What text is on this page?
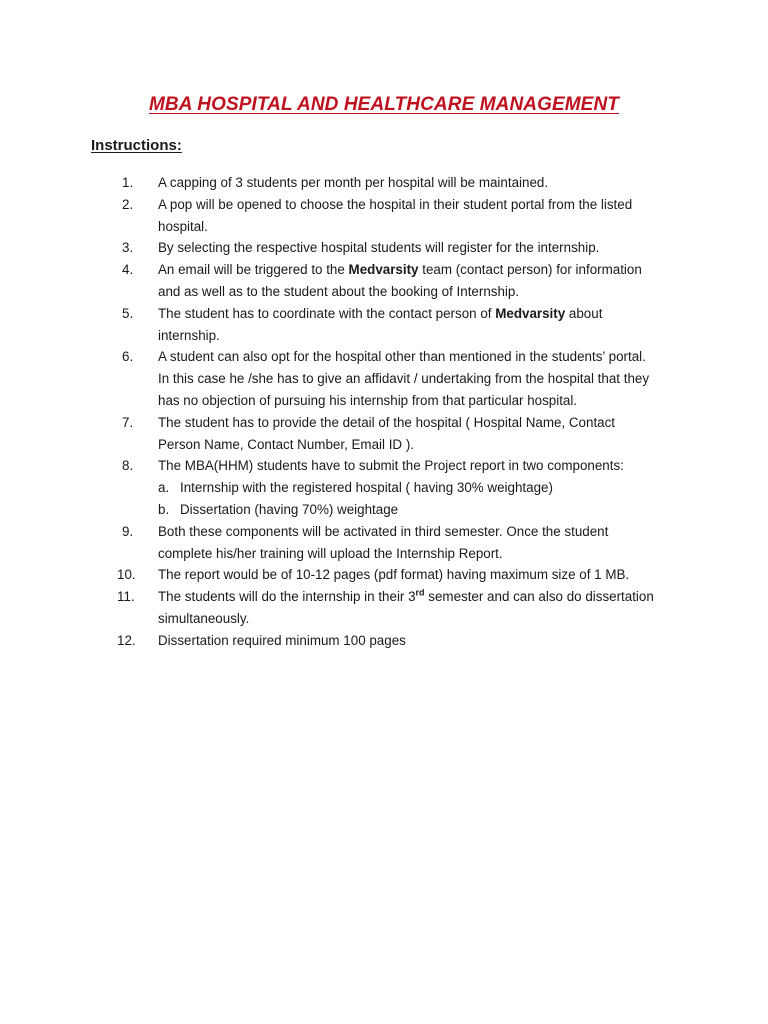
MBA HOSPITAL AND HEALTHCARE MANAGEMENT
Instructions:
1.	A capping of 3 students per month per hospital will be maintained.
2.	A pop will be opened to choose the hospital in their student portal from the listed
hospital.
3.	By selecting the respective hospital students will register for the internship.
4.	An email will be triggered to the Medvarsity team (contact person) for information
and as well as to the student about the booking of Internship.
5.	The student has to coordinate with the contact person of Medvarsity about
internship.
6.	A student can also opt for the hospital other than mentioned in the students’ portal.
In this case he /she has to give an affidavit / undertaking from the hospital that they
has no objection of pursuing his internship from that particular hospital.
7.	The student has to provide the detail of the hospital ( Hospital Name, Contact
Person Name, Contact Number, Email ID ).
8.	The MBA(HHM) students have to submit the Project report in two components:
a. Internship with the registered hospital ( having 30% weightage)
b. Dissertation (having 70%) weightage
9.	Both these components will be activated in third semester. Once the student
complete his/her training will upload the Internship Report.
10.	The report would be of 10-12 pages (pdf format) having maximum size of 1 MB.
11.	The students will do the internship in their 3rd semester and can also do dissertation
simultaneously.
12.	Dissertation required minimum 100 pages
